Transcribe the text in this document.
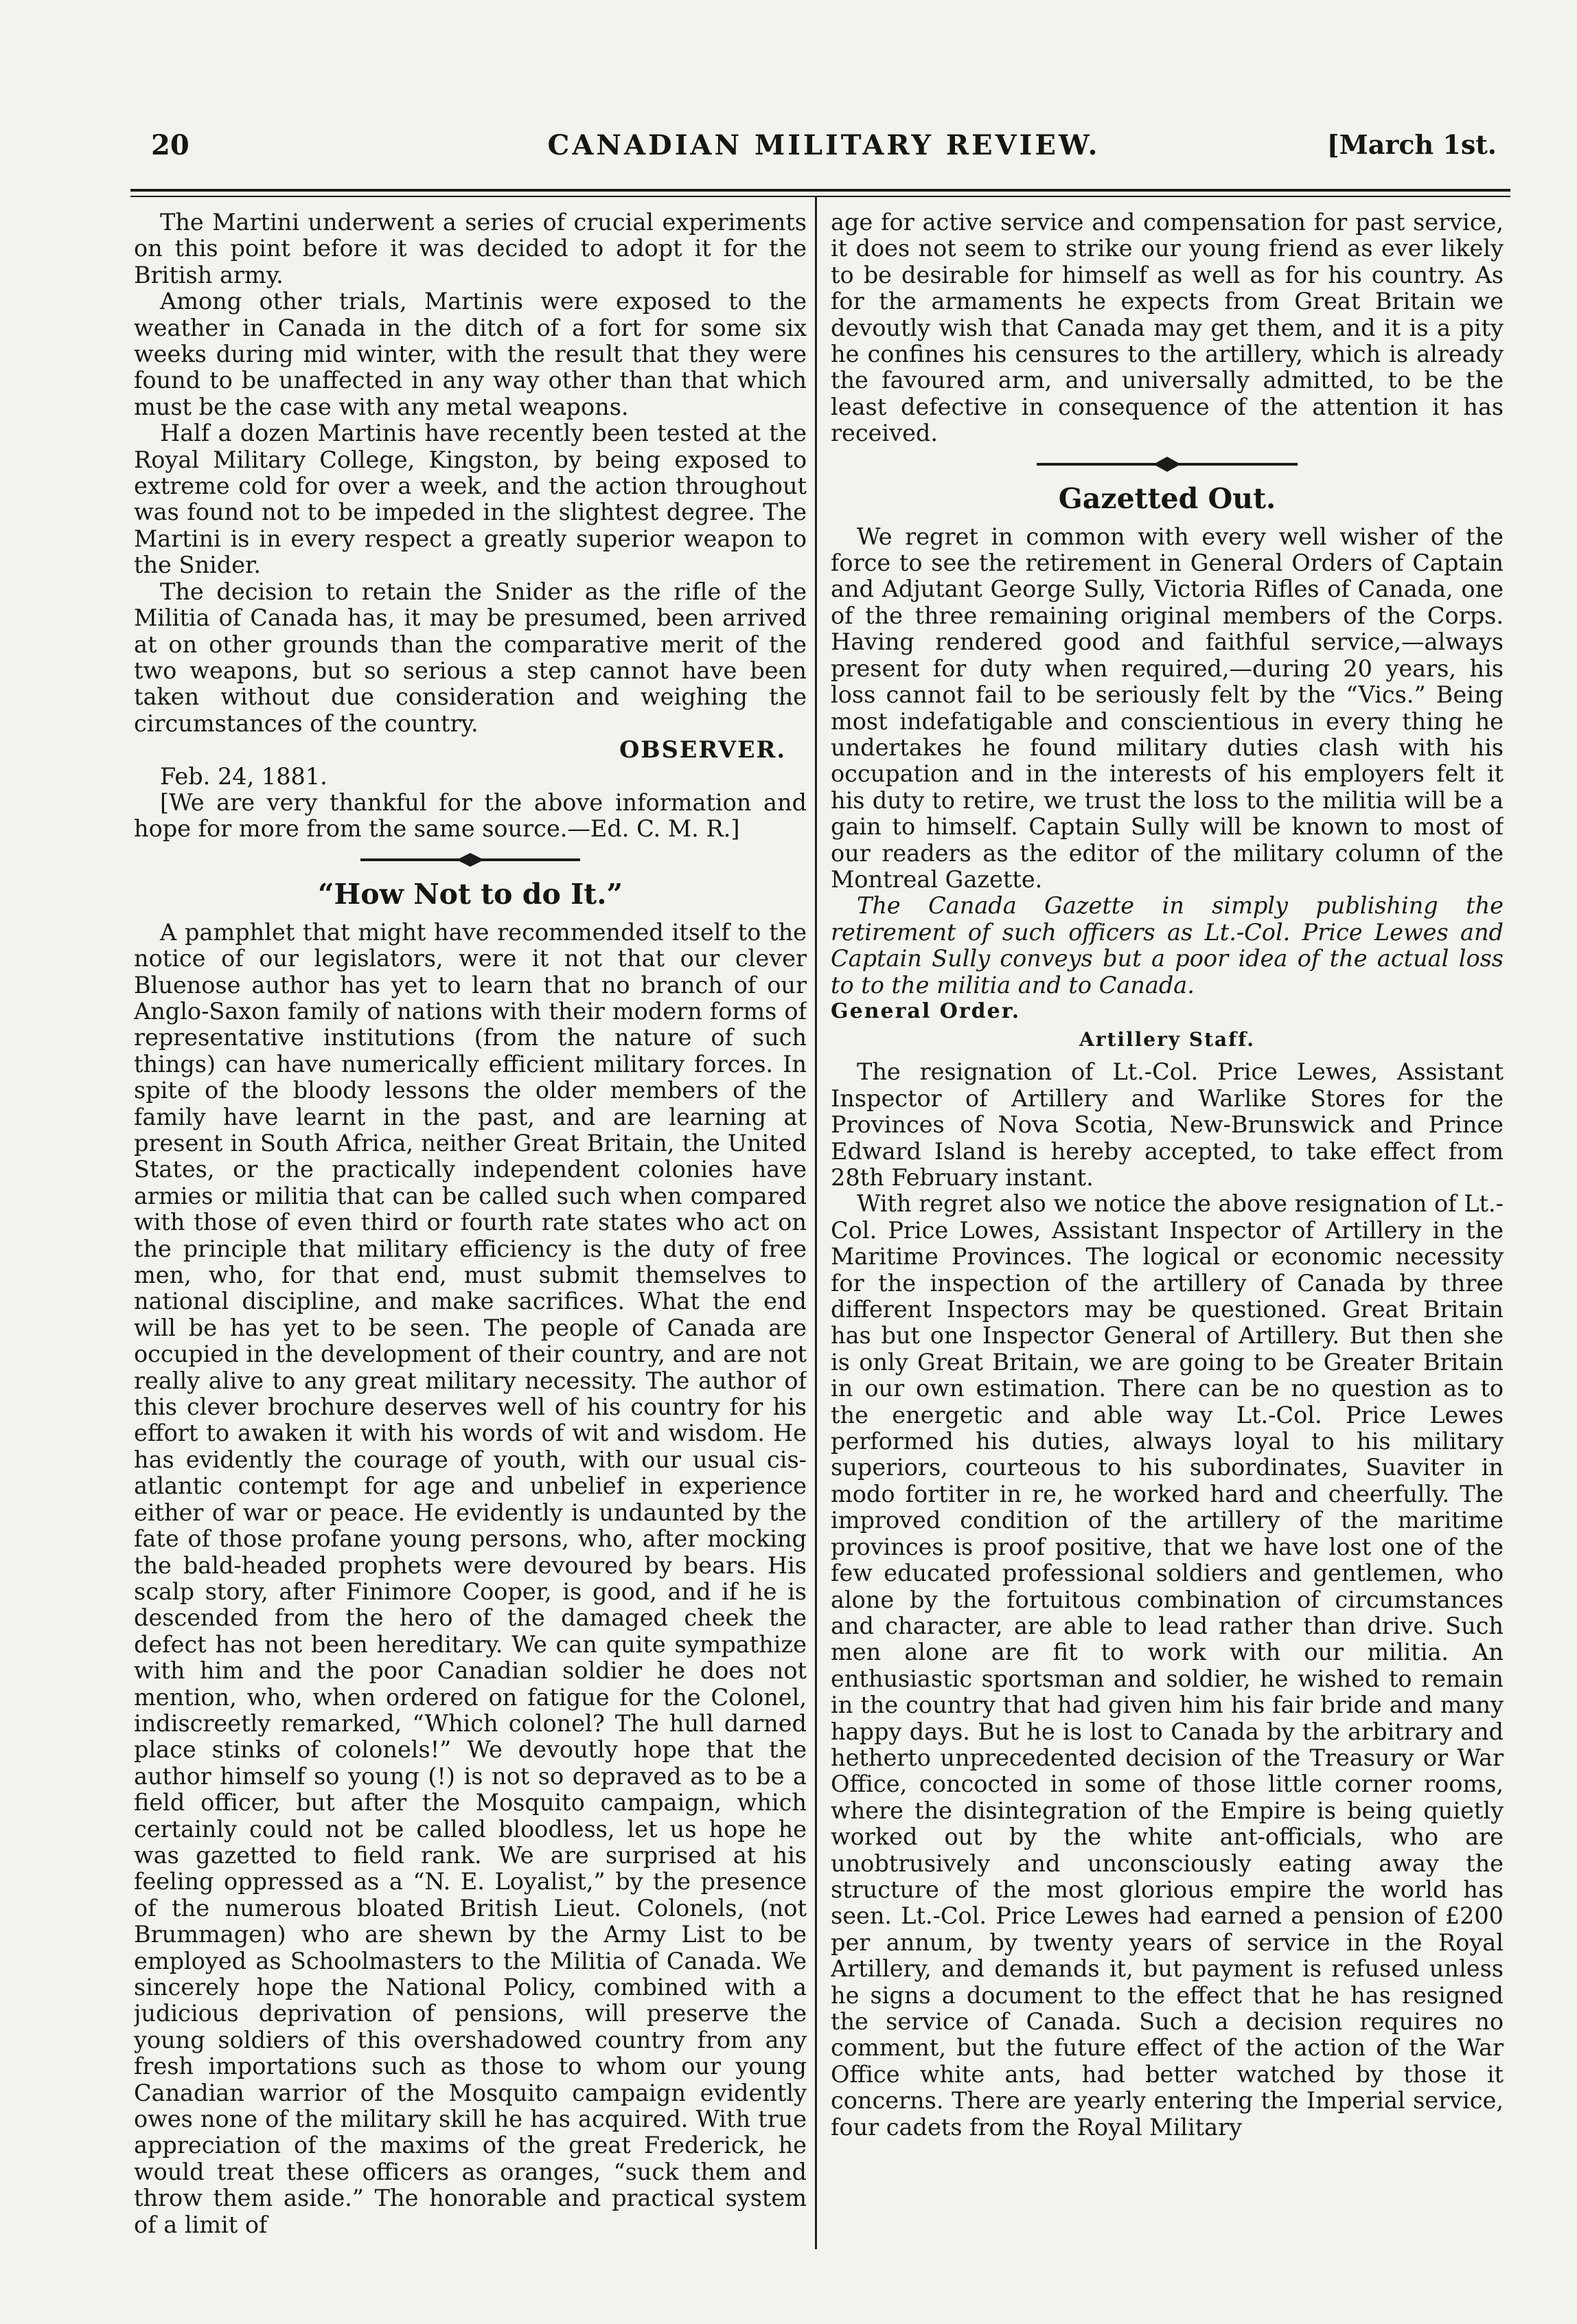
20	CANADIAN MILITARY REVIEW.	[March 1st.

The Martini underwent a series of crucial experiments on this point before it was decided to adopt it for the British army.

Among other trials, Martinis were exposed to the weather in Canada in the ditch of a fort for some six weeks during mid winter, with the result that they were found to be unaffected in any way other than that which must be the case with any metal weapons.

Half a dozen Martinis have recently been tested at the Royal Military College, Kingston, by being exposed to extreme cold for over a week, and the action throughout was found not to be impeded in the slightest degree. The Martini is in every respect a greatly superior weapon to the Snider.

The decision to retain the Snider as the rifle of the Militia of Canada has, it may be presumed, been arrived at on other grounds than the comparative merit of the two weapons, but so serious a step cannot have been taken without due consideration and weighing the circumstances of the country.

OBSERVER.

Feb. 24, 1881.

[We are very thankful for the above information and hope for more from the same source.—Ed. C. M. R.]

“How Not to do It.”

A pamphlet that might have recommended itself to the notice of our legislators, were it not that our clever Bluenose author has yet to learn that no branch of our Anglo-Saxon family of nations with their modern forms of representative institutions (from the nature of such things) can have numerically efficient military forces. In spite of the bloody lessons the older members of the family have learnt in the past, and are learning at present in South Africa, neither Great Britain, the United States, or the practically independent colonies have armies or militia that can be called such when compared with those of even third or fourth rate states who act on the principle that military efficiency is the duty of free men, who, for that end, must submit themselves to national discipline, and make sacrifices. What the end will be has yet to be seen. The people of Canada are occupied in the development of their country, and are not really alive to any great military necessity. The author of this clever brochure deserves well of his country for his effort to awaken it with his words of wit and wisdom. He has evidently the courage of youth, with our usual cis-atlantic contempt for age and unbelief in experience either of war or peace. He evidently is undaunted by the fate of those profane young persons, who, after mocking the bald-headed prophets were devoured by bears. His scalp story, after Finimore Cooper, is good, and if he is descended from the hero of the damaged cheek the defect has not been hereditary. We can quite sympathize with him and the poor Canadian soldier he does not mention, who, when ordered on fatigue for the Colonel, indiscreetly remarked, “Which colonel? The hull darned place stinks of colonels!” We devoutly hope that the author himself so young (!) is not so depraved as to be a field officer, but after the Mosquito campaign, which certainly could not be called bloodless, let us hope he was gazetted to field rank. We are surprised at his feeling oppressed as a “N. E. Loyalist,” by the presence of the numerous bloated British Lieut. Colonels, (not Brummagen) who are shewn by the Army List to be employed as Schoolmasters to the Militia of Canada. We sincerely hope the National Policy, combined with a judicious deprivation of pensions, will preserve the young soldiers of this overshadowed country from any fresh importations such as those to whom our young Canadian warrior of the Mosquito campaign evidently owes none of the military skill he has acquired. With true appreciation of the maxims of the great Frederick, he would treat these officers as oranges, “suck them and throw them aside.” The honorable and practical system of a limit of

age for active service and compensation for past service, it does not seem to strike our young friend as ever likely to be desirable for himself as well as for his country. As for the armaments he expects from Great Britain we devoutly wish that Canada may get them, and it is a pity he confines his censures to the artillery, which is already the favoured arm, and universally admitted, to be the least defective in consequence of the attention it has received.

Gazetted Out.

We regret in common with every well wisher of the force to see the retirement in General Orders of Captain and Adjutant George Sully, Victoria Rifles of Canada, one of the three remaining original members of the Corps. Having rendered good and faithful service,—always present for duty when required,—during 20 years, his loss cannot fail to be seriously felt by the “Vics.” Being most indefatigable and conscientious in every thing he undertakes he found military duties clash with his occupation and in the interests of his employers felt it his duty to retire, we trust the loss to the militia will be a gain to himself. Captain Sully will be known to most of our readers as the editor of the military column of the Montreal Gazette.

The Canada Gazette in simply publishing the retirement of such officers as Lt.-Col. Price Lewes and Captain Sully conveys but a poor idea of the actual loss to to the militia and to Canada.

General Order.

Artillery Staff.

The resignation of Lt.-Col. Price Lewes, Assistant Inspector of Artillery and Warlike Stores for the Provinces of Nova Scotia, New-Brunswick and Prince Edward Island is hereby accepted, to take effect from 28th February instant.

With regret also we notice the above resignation of Lt.-Col. Price Lowes, Assistant Inspector of Artillery in the Maritime Provinces. The logical or economic necessity for the inspection of the artillery of Canada by three different Inspectors may be questioned. Great Britain has but one Inspector General of Artillery. But then she is only Great Britain, we are going to be Greater Britain in our own estimation. There can be no question as to the energetic and able way Lt.-Col. Price Lewes performed his duties, always loyal to his military superiors, courteous to his subordinates, Suaviter in modo fortiter in re, he worked hard and cheerfully. The improved condition of the artillery of the maritime provinces is proof positive, that we have lost one of the few educated professional soldiers and gentlemen, who alone by the fortuitous combination of circumstances and character, are able to lead rather than drive. Such men alone are fit to work with our militia. An enthusiastic sportsman and soldier, he wished to remain in the country that had given him his fair bride and many happy days. But he is lost to Canada by the arbitrary and hetherto unprecedented decision of the Treasury or War Office, concocted in some of those little corner rooms, where the disintegration of the Empire is being quietly worked out by the white ant-officials, who are unobtrusively and unconsciously eating away the structure of the most glorious empire the world has seen. Lt.-Col. Price Lewes had earned a pension of £200 per annum, by twenty years of service in the Royal Artillery, and demands it, but payment is refused unless he signs a document to the effect that he has resigned the service of Canada. Such a decision requires no comment, but the future effect of the action of the War Office white ants, had better watched by those it concerns. There are yearly entering the Imperial service, four cadets from the Royal Military
